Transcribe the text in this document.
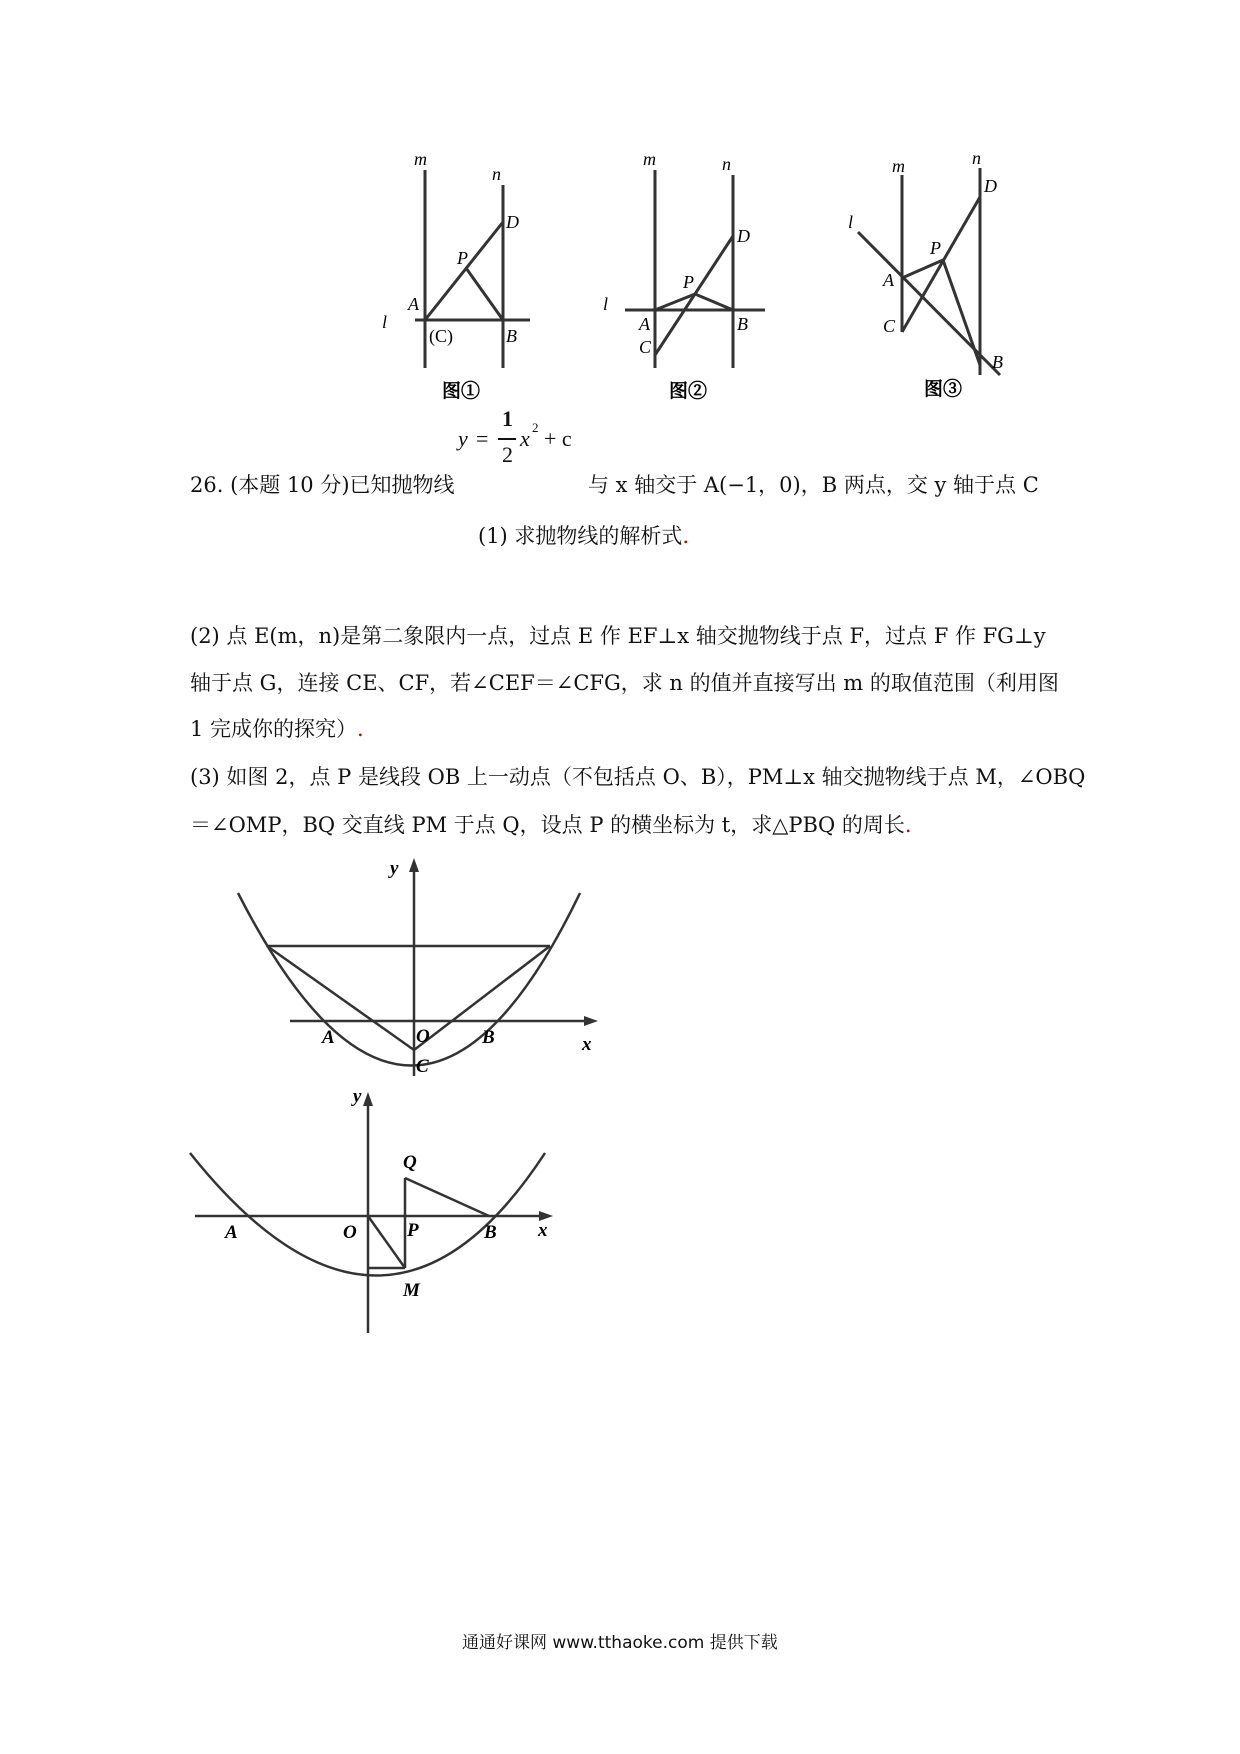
m
n
D
P
A
l
(C)	B
图①
m	n
D
P
l
A
C
B
图②
m	n
D
l
P
A
C
B
图③
y =
1
2
x 2 + c
26. (本题 10 分)已知抛物线	与 x 轴交于 A(−1，0)，B 两点，交 y 轴于点 C
(1) 求抛物线的解析式.
(2) 点 E(m，n)是第二象限内一点，过点 E 作 EF⊥x 轴交抛物线于点 F，过点 F 作 FG⊥y
轴于点 G，连接 CE、CF，若∠CEF＝∠CFG，求 n 的值并直接写出 m 的取值范围（利用图
1 完成你的探究）.
(3) 如图 2，点 P 是线段 OB 上一动点（不包括点 O、B），PM⊥x 轴交抛物线于点 M，∠OBQ
＝∠OMP，BQ 交直线 PM 于点 Q，设点 P 的横坐标为 t，求△PBQ 的周长.
y
x
A	O	B
C
y
x
A	O	P	B
Q
M
通通好课网 www.tthaoke.com 提供下载
